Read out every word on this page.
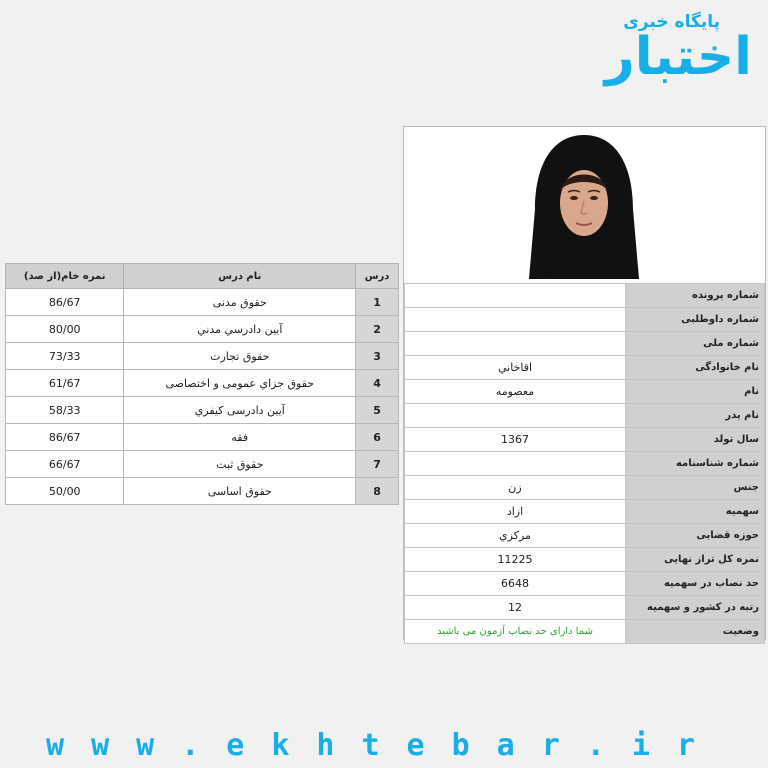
پایگاه خبری
اختبار
درس	نام درس	نمره خام(از صد)
1	حقوق مدنی	86/67
2	آيين دادرسي مدني	80/00
3	حقوق تجارت	73/33
4	حقوق جزاي عمومی و اختصاصی	61/67
5	آيين دادرسی كيفري	58/33
6	فقه	86/67
7	حقوق ثبت	66/67
8	حقوق اساسی	50/00
شماره پرونده	
شماره داوطلبی	
شماره ملی	
نام خانوادگی	اقاخاني
نام	معصومه
نام پدر	
سال تولد	1367
شماره شناسنامه	
جنس	زن
سهمیه	ازاد
حوزه قضایی	مركزي
نمره کل تراز نهایی	11225
حد نصاب در سهمیه	6648
رتبه در کشور و سهمیه	12
وضعیت	شما دارای حد نصاب آزمون می باشید
www.ekhtebar.ir
